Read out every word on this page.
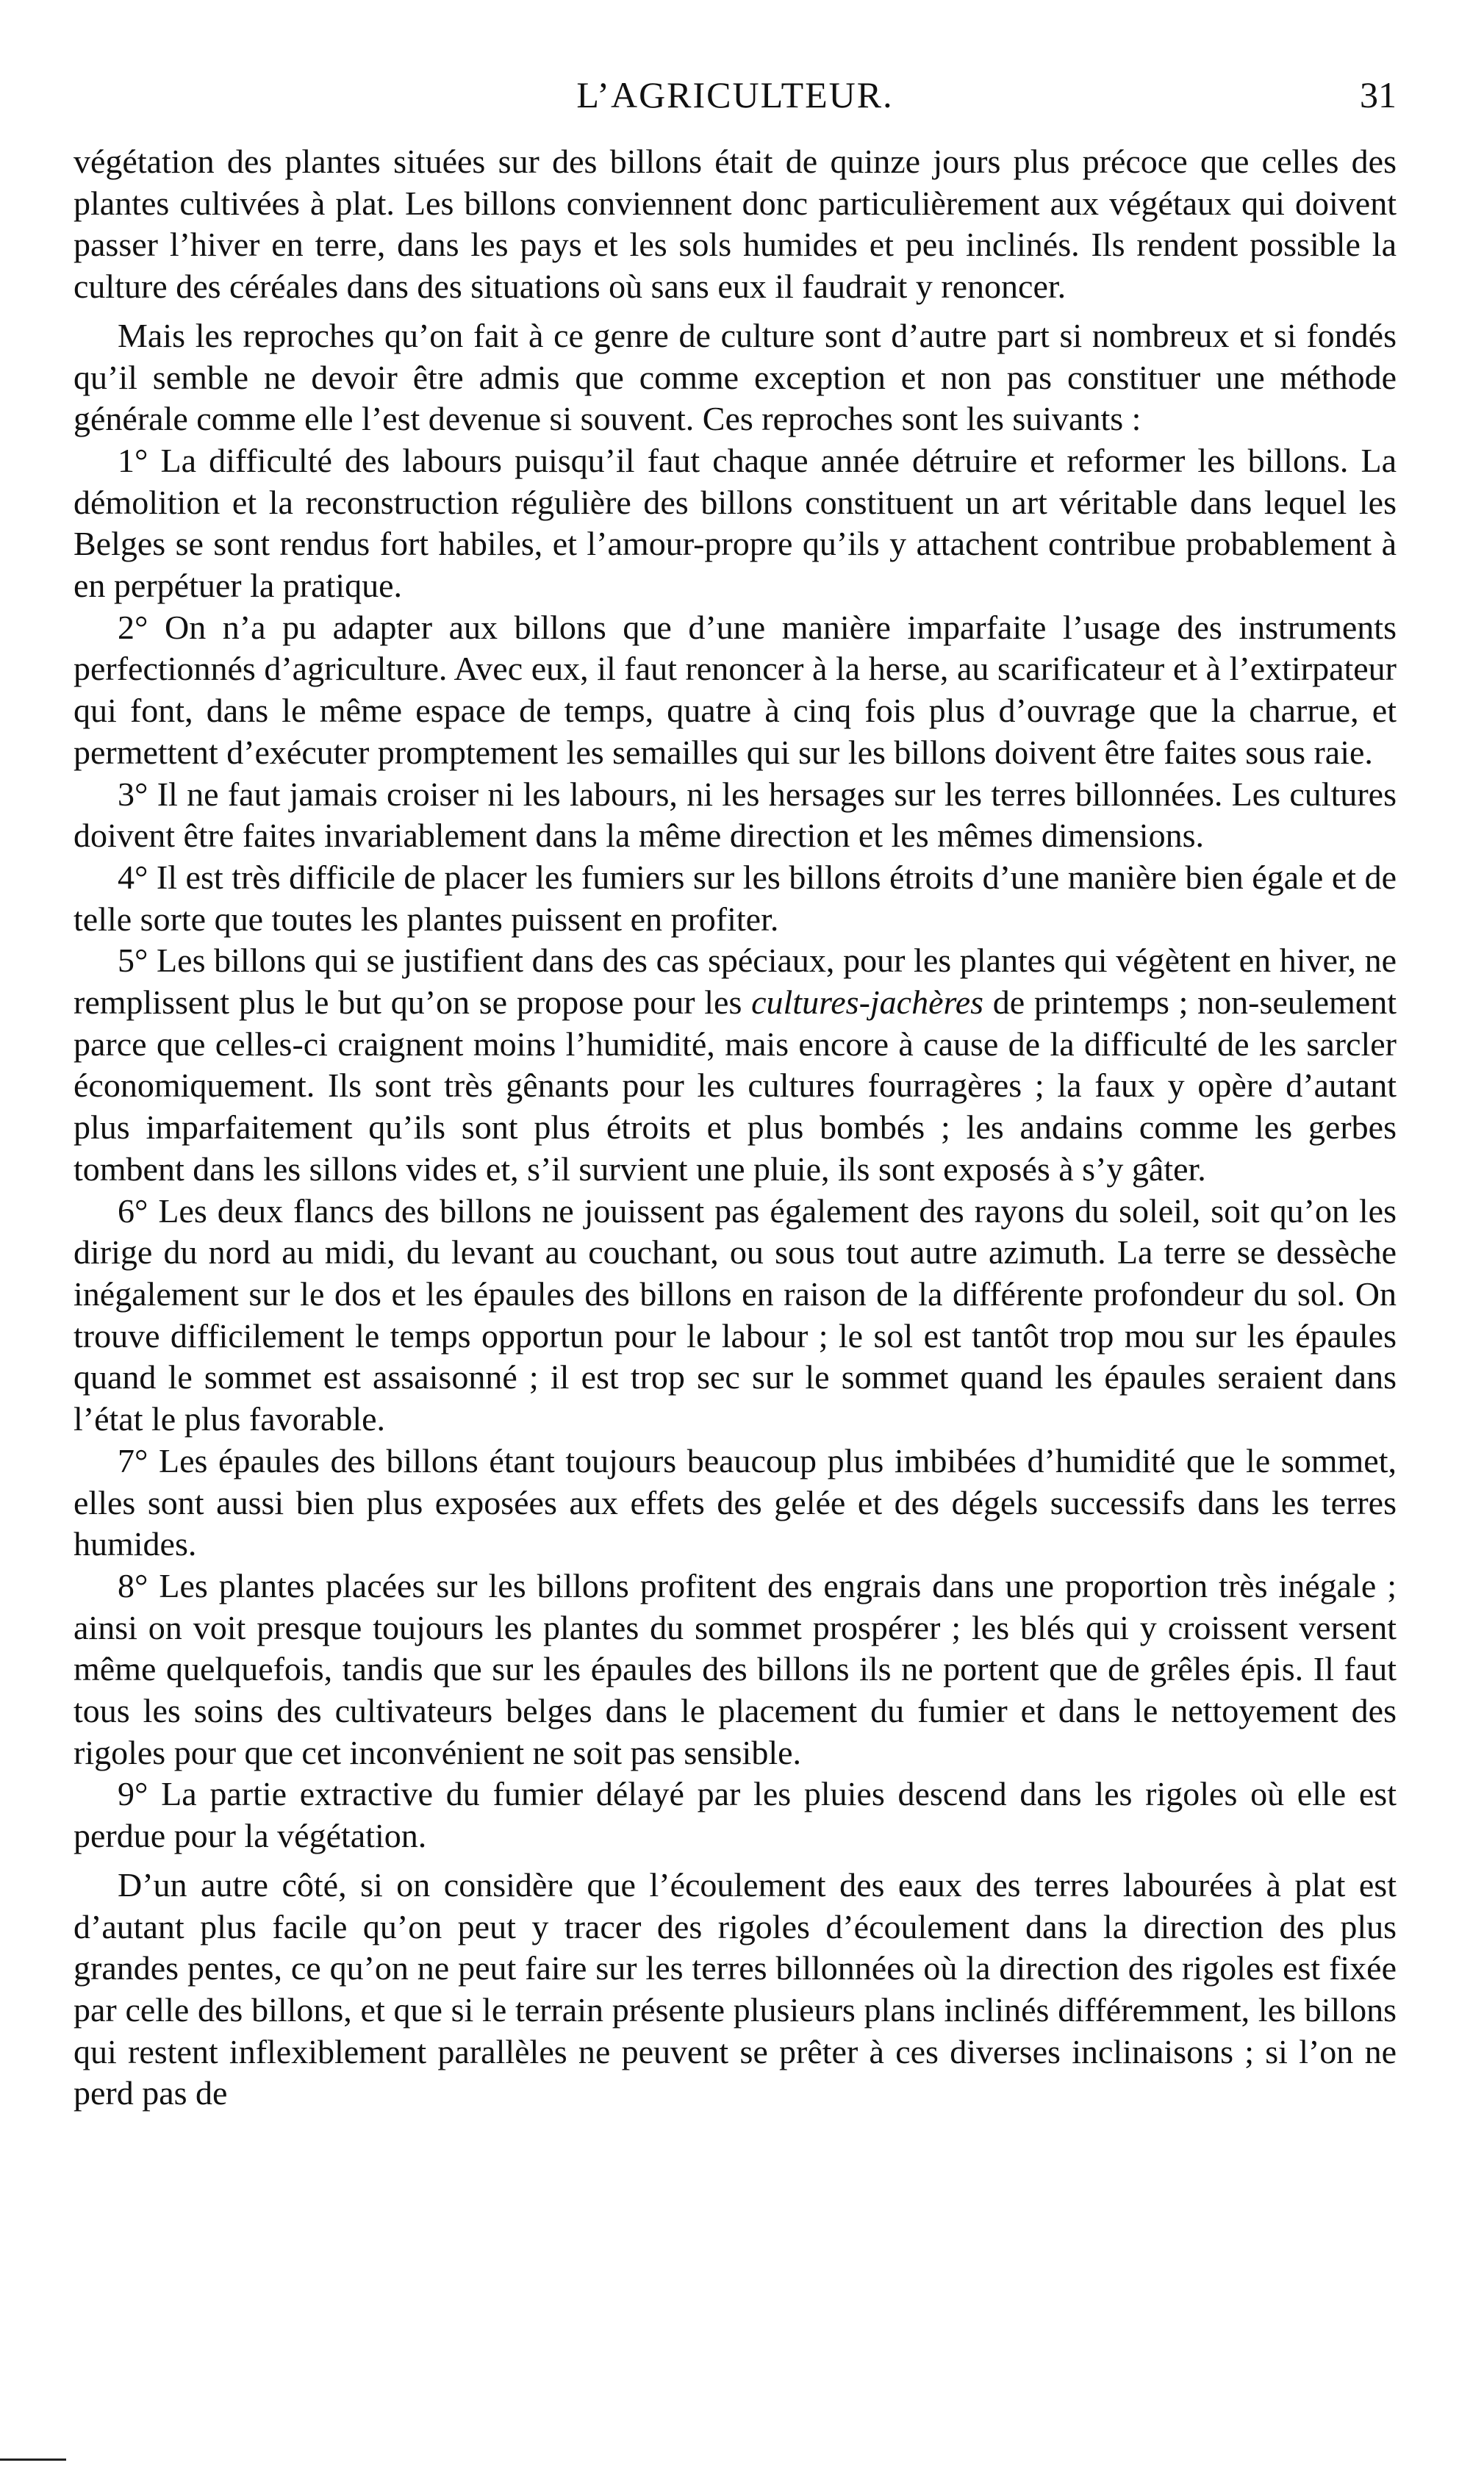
L’AGRICULTEUR.	31

végétation des plantes situées sur des billons était de quinze jours plus précoce que celles des plantes cultivées à plat. Les billons conviennent donc particulièrement aux végétaux qui doivent passer l’hiver en terre, dans les pays et les sols humides et peu inclinés. Ils rendent possible la culture des céréales dans des situations où sans eux il faudrait y renoncer.

Mais les reproches qu’on fait à ce genre de culture sont d’autre part si nombreux et si fondés qu’il semble ne devoir être admis que comme exception et non pas constituer une méthode générale comme elle l’est devenue si souvent. Ces reproches sont les suivants :

1° La difficulté des labours puisqu’il faut chaque année détruire et reformer les billons. La démolition et la reconstruction régulière des billons constituent un art véritable dans lequel les Belges se sont rendus fort habiles, et l’amour-propre qu’ils y attachent contribue probablement à en perpétuer la pratique.

2° On n’a pu adapter aux billons que d’une manière imparfaite l’usage des instruments perfectionnés d’agriculture. Avec eux, il faut renoncer à la herse, au scarificateur et à l’extirpateur qui font, dans le même espace de temps, quatre à cinq fois plus d’ouvrage que la charrue, et permettent d’exécuter promptement les semailles qui sur les billons doivent être faites sous raie.

3° Il ne faut jamais croiser ni les labours, ni les hersages sur les terres billonnées. Les cultures doivent être faites invariablement dans la même direction et les mêmes dimensions.

4° Il est très difficile de placer les fumiers sur les billons étroits d’une manière bien égale et de telle sorte que toutes les plantes puissent en profiter.

5° Les billons qui se justifient dans des cas spéciaux, pour les plantes qui végètent en hiver, ne remplissent plus le but qu’on se propose pour les cultures-jachères de printemps ; non-seulement parce que celles-ci craignent moins l’humidité, mais encore à cause de la difficulté de les sarcler économiquement. Ils sont très gênants pour les cultures fourragères ; la faux y opère d’autant plus imparfaitement qu’ils sont plus étroits et plus bombés ; les andains comme les gerbes tombent dans les sillons vides et, s’il survient une pluie, ils sont exposés à s’y gâter.

6° Les deux flancs des billons ne jouissent pas également des rayons du soleil, soit qu’on les dirige du nord au midi, du levant au couchant, ou sous tout autre azimuth. La terre se dessèche inégalement sur le dos et les épaules des billons en raison de la différente profondeur du sol. On trouve difficilement le temps opportun pour le labour ; le sol est tantôt trop mou sur les épaules quand le sommet est assaisonné ; il est trop sec sur le sommet quand les épaules seraient dans l’état le plus favorable.

7° Les épaules des billons étant toujours beaucoup plus imbibées d’humidité que le sommet, elles sont aussi bien plus exposées aux effets des gelée et des dégels successifs dans les terres humides.

8° Les plantes placées sur les billons profitent des engrais dans une proportion très inégale ; ainsi on voit presque toujours les plantes du sommet prospérer ; les blés qui y croissent versent même quelquefois, tandis que sur les épaules des billons ils ne portent que de grêles épis. Il faut tous les soins des cultivateurs belges dans le placement du fumier et dans le nettoyement des rigoles pour que cet inconvénient ne soit pas sensible.

9° La partie extractive du fumier délayé par les pluies descend dans les rigoles où elle est perdue pour la végétation.

D’un autre côté, si on considère que l’écoulement des eaux des terres labourées à plat est d’autant plus facile qu’on peut y tracer des rigoles d’écoulement dans la direction des plus grandes pentes, ce qu’on ne peut faire sur les terres billonnées où la direction des rigoles est fixée par celle des billons, et que si le terrain présente plusieurs plans inclinés différemment, les billons qui restent inflexiblement parallèles ne peuvent se prêter à ces diverses inclinaisons ; si l’on ne perd pas de
